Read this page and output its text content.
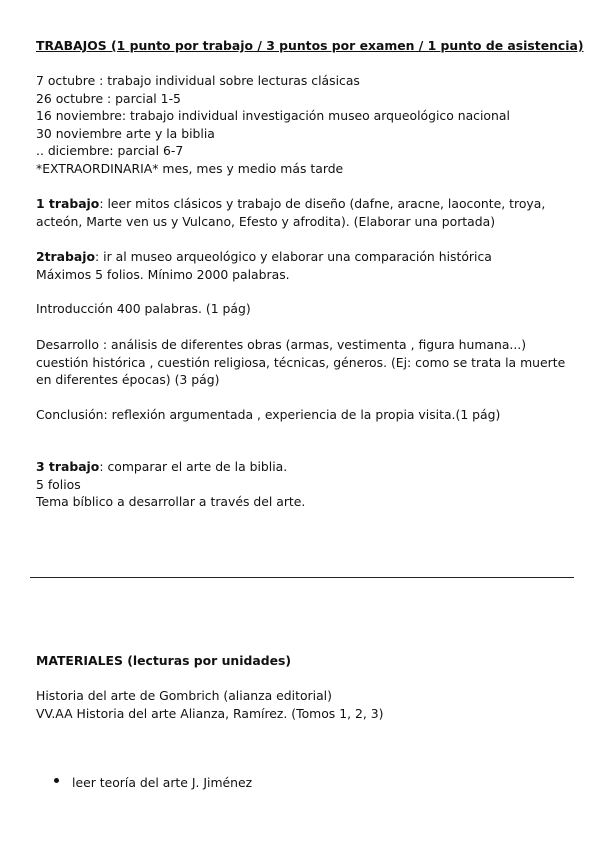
TRABAJOS (1 punto por trabajo / 3 puntos por examen / 1 punto de asistencia)
7 octubre : trabajo individual sobre lecturas clásicas
26 octubre : parcial 1-5
16 noviembre: trabajo individual investigación museo arqueológico nacional
30 noviembre arte y la biblia
.. diciembre: parcial 6-7
*EXTRAORDINARIA* mes, mes y medio más tarde
1 trabajo: leer mitos clásicos y trabajo de diseño (dafne, aracne, laoconte, troya, acteón, Marte ven us y Vulcano, Efesto y afrodita). (Elaborar una portada)
2trabajo: ir al museo arqueológico y elaborar una comparación histórica
Máximos 5 folios. Mínimo 2000 palabras.
Introducción 400 palabras. (1 pág)
Desarrollo : análisis de diferentes obras (armas, vestimenta , figura humana...) cuestión histórica , cuestión religiosa, técnicas, géneros. (Ej: como se trata la muerte en diferentes épocas) (3 pág)
Conclusión: reflexión argumentada , experiencia de la propia visita.(1 pág)
3 trabajo: comparar el arte de la biblia.
5 folios
Tema bíblico a desarrollar a través del arte.
MATERIALES (lecturas por unidades)
Historia del arte de Gombrich (alianza editorial)
VV.AA Historia del arte Alianza, Ramírez. (Tomos 1, 2, 3)
leer teoría del arte J. Jiménez
